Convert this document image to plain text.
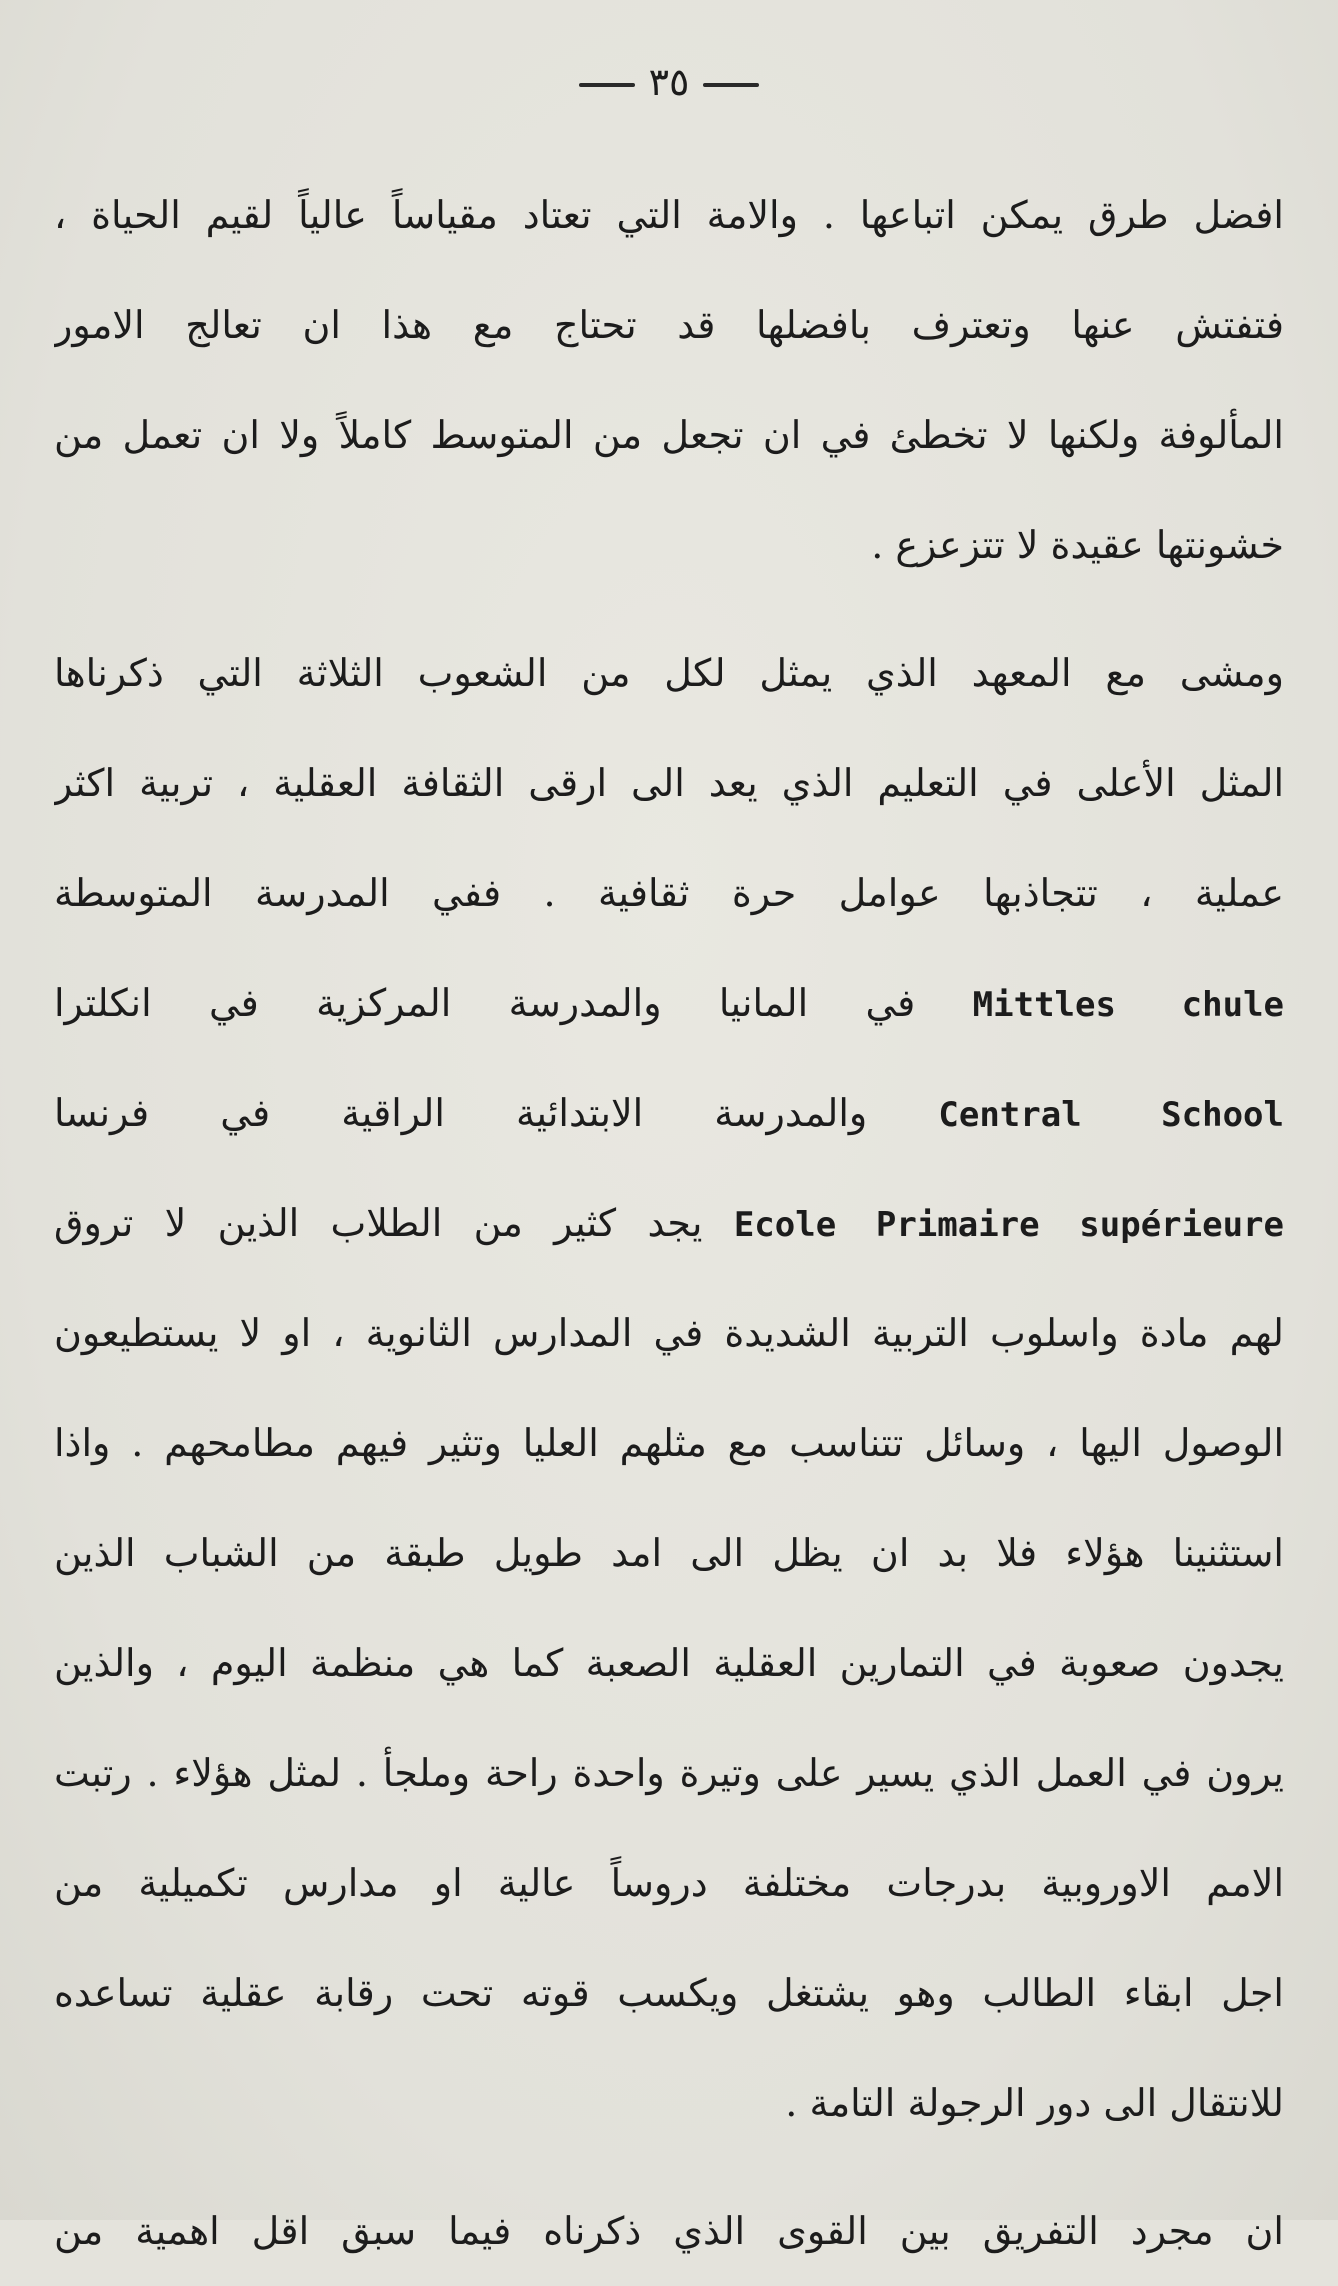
٣٥
افضل طرق يمكن اتباعها . والامة التي تعتاد مقياساً عالياً لقيم الحياة ،
فتفتش عنها وتعترف بافضلها قد تحتاج مع هذا ان تعالج الامور
المألوفة ولكنها لا تخطئ في ان تجعل من المتوسط كاملاً ولا ان تعمل من
خشونتها عقيدة لا تتزعزع .
ومشى مع المعهد الذي يمثل لكل من الشعوب الثلاثة التي ذكرناها
المثل الأعلى في التعليم الذي يعد الى ارقى الثقافة العقلية ، تربية اكثر
عملية ، تتجاذبها عوامل حرة ثقافية . ففي المدرسة المتوسطة
Mittles chule في المانيا والمدرسة المركزية في انكلترا
Central School والمدرسة الابتدائية الراقية في فرنسا
Ecole Primaire supérieure يجد كثير من الطلاب الذين لا تروق
لهم مادة واسلوب التربية الشديدة في المدارس الثانوية ، او لا يستطيعون
الوصول اليها ، وسائل تتناسب مع مثلهم العليا وتثير فيهم مطامحهم . واذا
استثنينا هؤلاء فلا بد ان يظل الى امد طويل طبقة من الشباب الذين
يجدون صعوبة في التمارين العقلية الصعبة كما هي منظمة اليوم ، والذين
يرون في العمل الذي يسير على وتيرة واحدة راحة وملجأ . لمثل هؤلاء . رتبت
الامم الاوروبية بدرجات مختلفة دروساً عالية او مدارس تكميلية من
اجل ابقاء الطالب وهو يشتغل ويكسب قوته تحت رقابة عقلية تساعده
للانتقال الى دور الرجولة التامة .
ان مجرد التفريق بين القوى الذي ذكرناه فيما سبق اقل اهمية من
